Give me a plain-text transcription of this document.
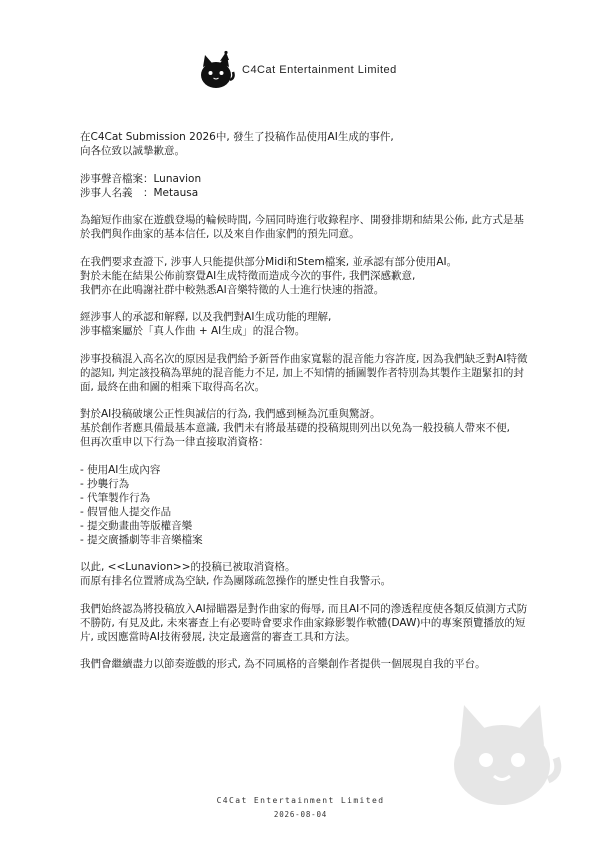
C4Cat Entertainment Limited

在C4Cat Submission 2026中, 發生了投稿作品使用AI生成的事件,
向各位致以誠摯歉意。

涉事聲音檔案：Lunavion
涉事人名義　：Metausa

為縮短作曲家在遊戲登場的輪候時間, 今屆同時進行收錄程序、開發排期和結果公佈, 此方式是基於我們與作曲家的基本信任, 以及來自作曲家們的預先同意。

在我們要求查證下, 涉事人只能提供部分Midi和Stem檔案, 並承認有部分使用AI。
對於未能在結果公佈前察覺AI生成特徵而造成今次的事件, 我們深感歉意,
我們亦在此鳴謝社群中較熟悉AI音樂特徵的人士進行快速的指證。

經涉事人的承認和解釋, 以及我們對AI生成功能的理解,
涉事檔案屬於「真人作曲 + AI生成」的混合物。

涉事投稿混入高名次的原因是我們給予新晉作曲家寬鬆的混音能力容許度, 因為我們缺乏對AI特徵的認知, 判定該投稿為單純的混音能力不足, 加上不知情的插圖製作者特別為其製作主題緊扣的封面, 最終在曲和圖的相乘下取得高名次。

對於AI投稿破壞公正性與誠信的行為, 我們感到極為沉重與驚訝。
基於創作者應具備最基本意識, 我們未有將最基礎的投稿規則列出以免為一般投稿人帶來不便,
但再次重申以下行為一律直接取消資格：

- 使用AI生成內容
- 抄襲行為
- 代筆製作行為
- 假冒他人提交作品
- 提交動畫曲等版權音樂
- 提交廣播劇等非音樂檔案

以此, <<Lunavion>>的投稿已被取消資格。
而原有排名位置將成為空缺, 作為團隊疏忽操作的歷史性自我警示。

我們始終認為將投稿放入AI掃瞄器是對作曲家的侮辱, 而且AI不同的滲透程度使各類反偵測方式防不勝防, 有見及此, 未來審查上有必要時會要求作曲家錄影製作軟體(DAW)中的專案預覽播放的短片, 或因應當時AI技術發展, 決定最適當的審查工具和方法。

我們會繼續盡力以節奏遊戲的形式, 為不同風格的音樂創作者提供一個展現自我的平台。

C4Cat Entertainment Limited
2026-08-04
